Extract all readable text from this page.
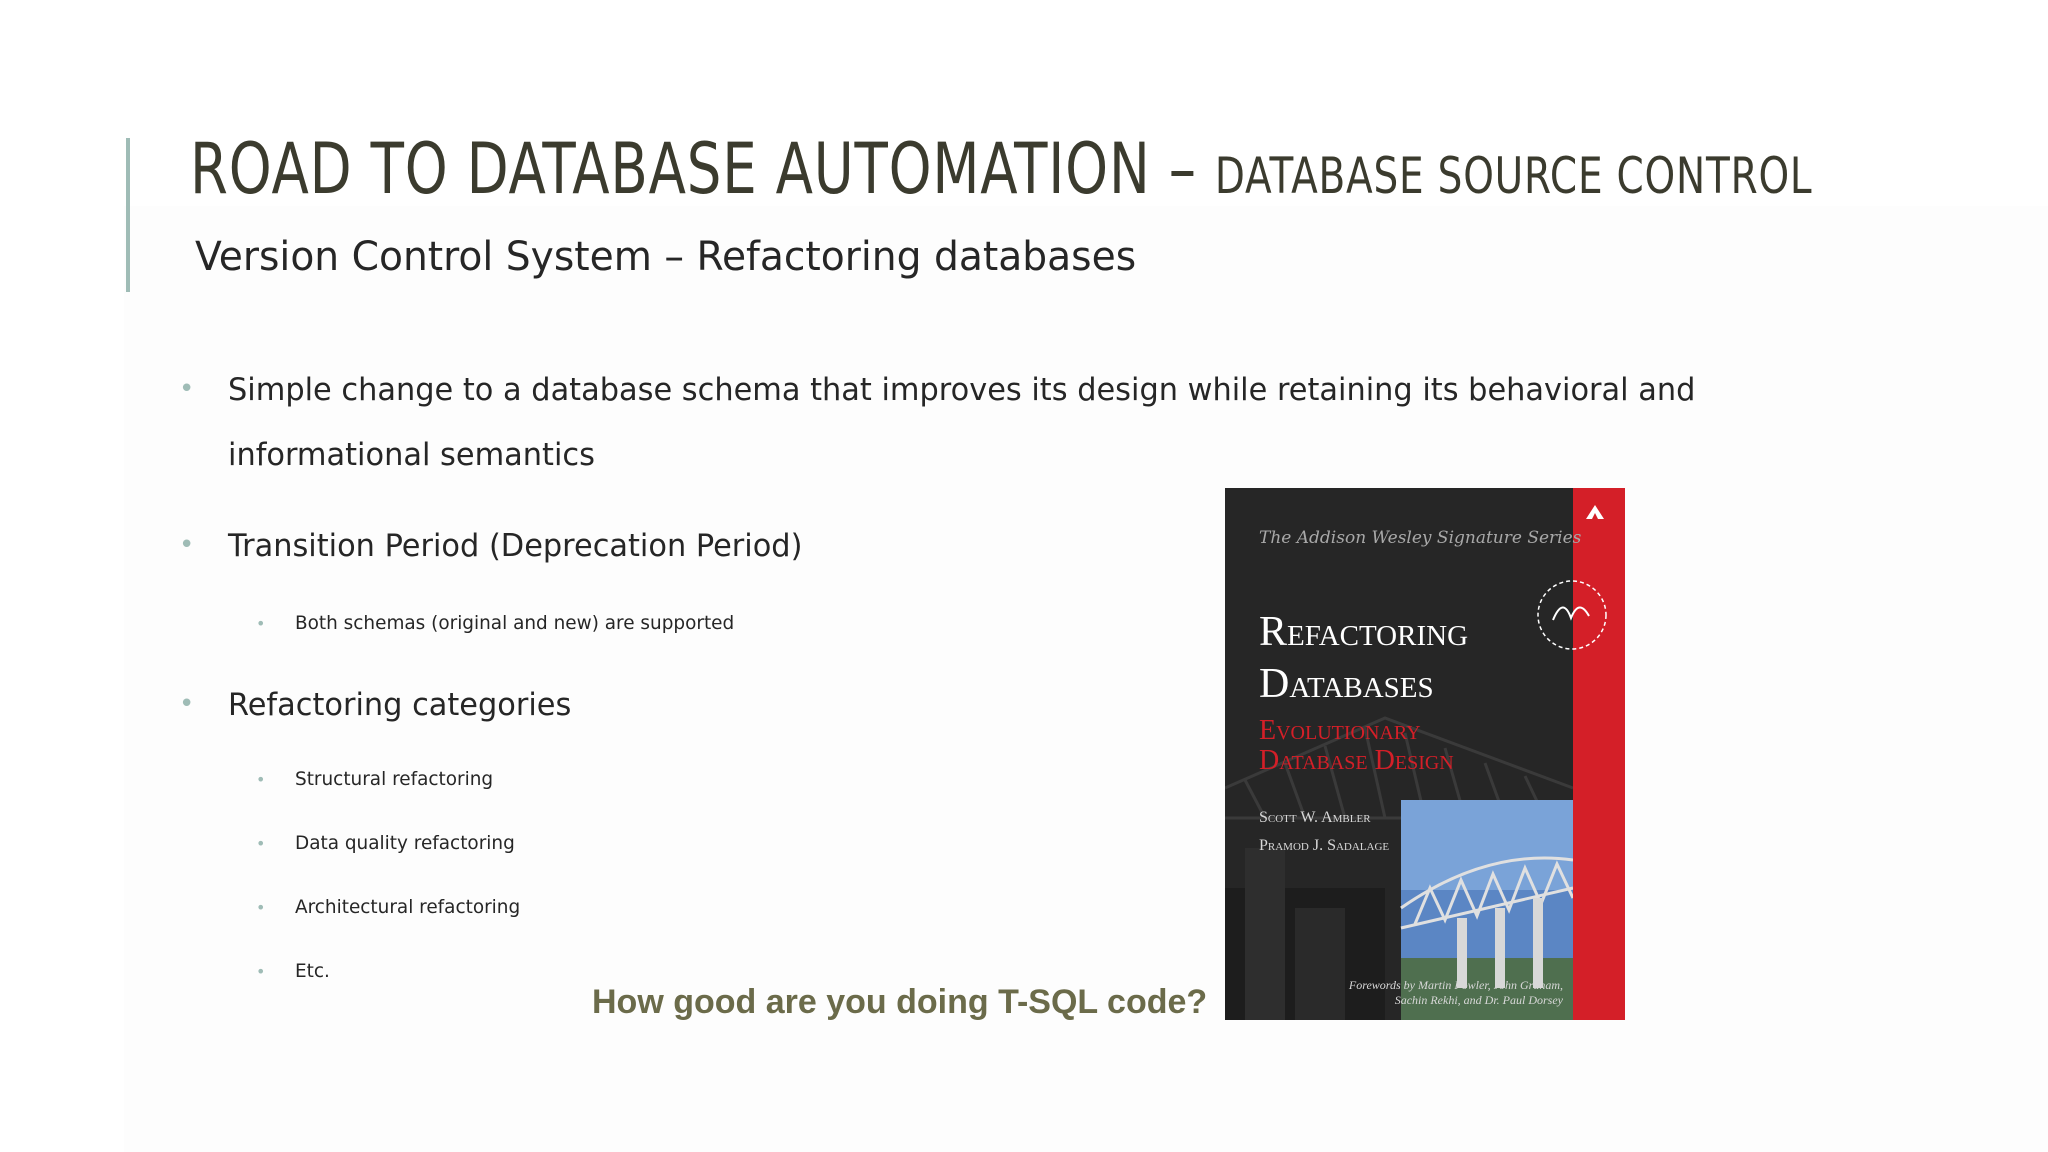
ROAD TO DATABASE AUTOMATION – DATABASE SOURCE CONTROL
Version Control System – Refactoring databases
• Simple change to a database schema that improves its design while retaining its behavioral and
informational semantics
• Transition Period (Deprecation Period)
• Both schemas (original and new) are supported
• Refactoring categories
• Structural refactoring
• Data quality refactoring
• Architectural refactoring
• Etc.
How good are you doing T-SQL code?
The Addison Wesley Signature Series
Refactoring
Databases
Evolutionary
Database Design
Scott W. Ambler
Pramod J. Sadalage
Forewords by Martin Fowler, John Graham,
Sachin Rekhi, and Dr. Paul Dorsey
